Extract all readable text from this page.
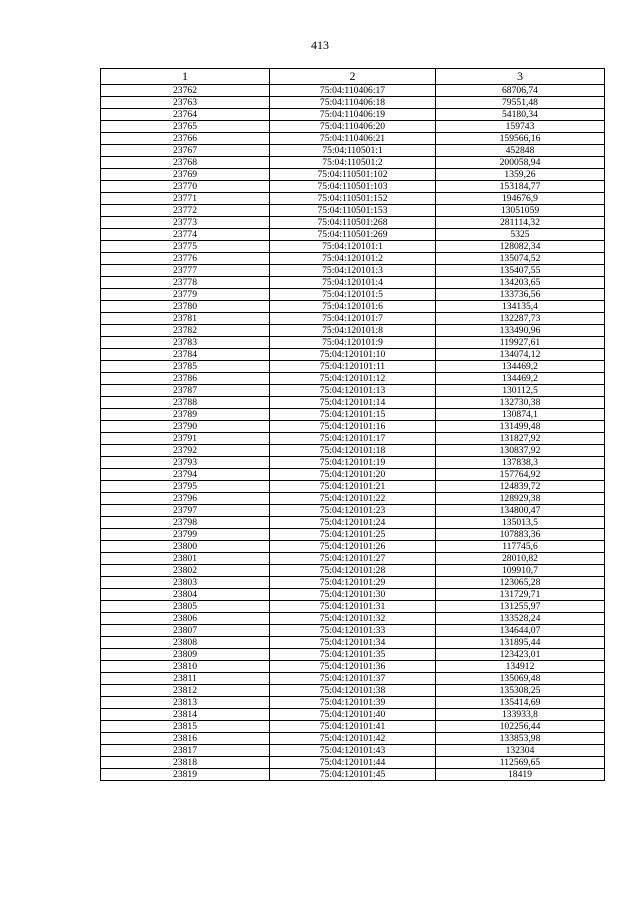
413
1	2	3
23762	75:04:110406:17	68706,74
23763	75:04:110406:18	79551,48
23764	75:04:110406:19	54180,34
23765	75:04:110406:20	159743
23766	75:04:110406:21	159566,16
23767	75:04:110501:1	452848
23768	75:04:110501:2	200058,94
23769	75:04:110501:102	1359,26
23770	75:04:110501:103	153184,77
23771	75:04:110501:152	194676,9
23772	75:04:110501:153	13051059
23773	75:04:110501:268	281114,32
23774	75:04:110501:269	5325
23775	75:04:120101:1	128082,34
23776	75:04:120101:2	135074,52
23777	75:04:120101:3	135407,55
23778	75:04:120101:4	134203,65
23779	75:04:120101:5	133736,56
23780	75:04:120101:6	134135,4
23781	75:04:120101:7	132287,73
23782	75:04:120101:8	133490,96
23783	75:04:120101:9	119927,61
23784	75:04:120101:10	134074,12
23785	75:04:120101:11	134469,2
23786	75:04:120101:12	134469,2
23787	75:04:120101:13	130112,5
23788	75:04:120101:14	132730,38
23789	75:04:120101:15	130874,1
23790	75:04:120101:16	131499,48
23791	75:04:120101:17	131827,92
23792	75:04:120101:18	130837,92
23793	75:04:120101:19	137838,3
23794	75:04:120101:20	157764,92
23795	75:04:120101:21	124839,72
23796	75:04:120101:22	128929,38
23797	75:04:120101:23	134800,47
23798	75:04:120101:24	135013,5
23799	75:04:120101:25	107883,36
23800	75:04:120101:26	117745,6
23801	75:04:120101:27	28010,82
23802	75:04:120101:28	109910,7
23803	75:04:120101:29	123065,28
23804	75:04:120101:30	131729,71
23805	75:04:120101:31	131255,97
23806	75:04:120101:32	133528,24
23807	75:04:120101:33	134644,07
23808	75:04:120101:34	131895,44
23809	75:04:120101:35	123423,01
23810	75:04:120101:36	134912
23811	75:04:120101:37	135069,48
23812	75:04:120101:38	135308,25
23813	75:04:120101:39	135414,69
23814	75:04:120101:40	133933,8
23815	75:04:120101:41	102256,44
23816	75:04:120101:42	133853,98
23817	75:04:120101:43	132304
23818	75:04:120101:44	112569,65
23819	75:04:120101:45	18419
